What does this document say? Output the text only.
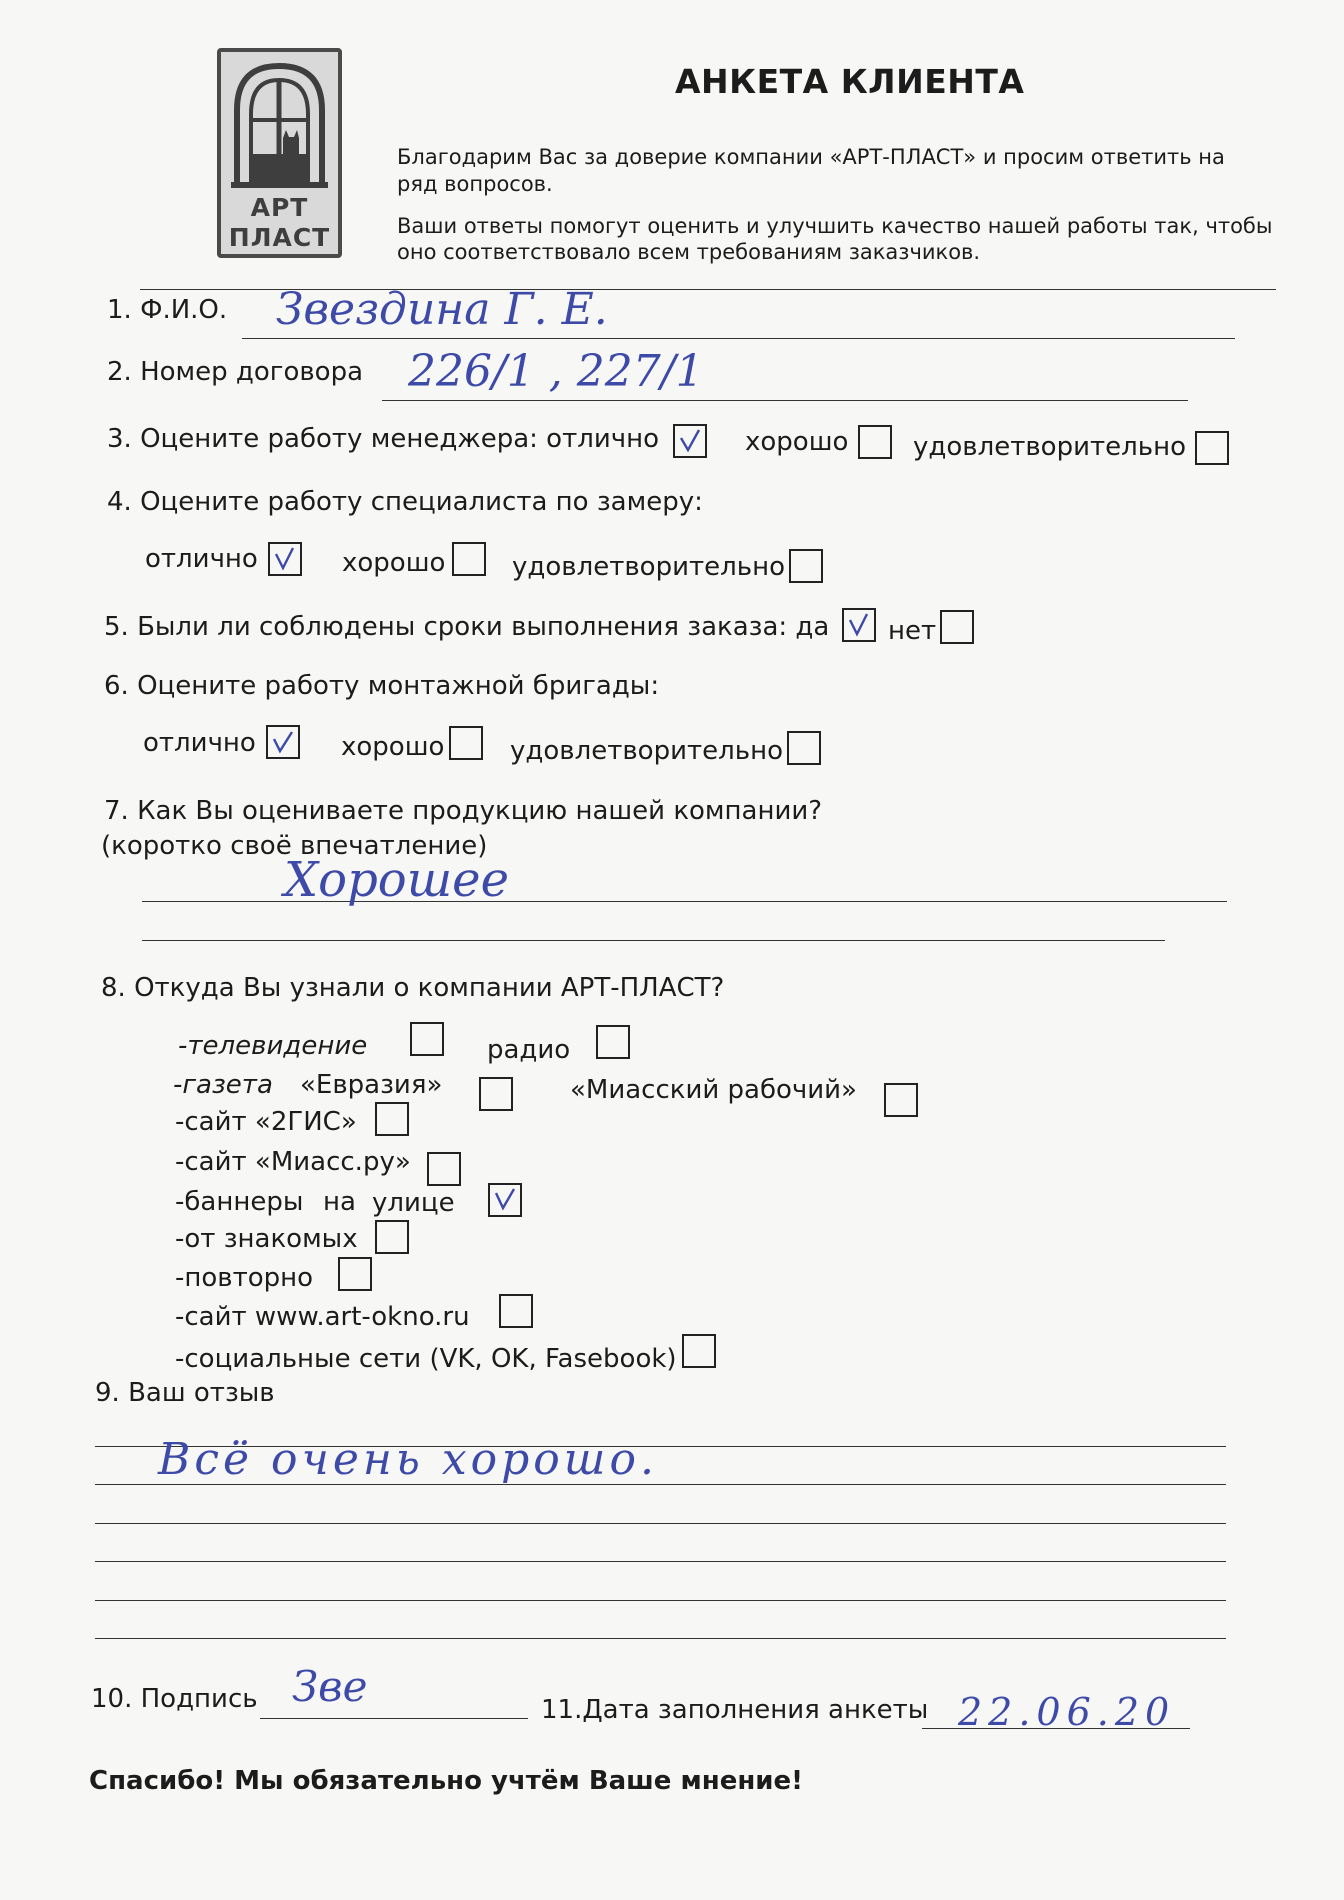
АРТ
ПЛАСТ
АНКЕТА КЛИЕНТА
Благодарим Вас за доверие компании «АРТ-ПЛАСТ» и просим ответить на
ряд вопросов.
Ваши ответы помогут оценить и улучшить качество нашей работы так, чтобы
оно соответствовало всем требованиям заказчиков.
1. Ф.И.О. Звездина Г. Е.
2. Номер договора 226/1 , 227/1
3. Оцените работу менеджера: отлично	хорошо удовлетворительно
4. Оцените работу специалиста по замеру:
отлично	хорошо	удовлетворительно
5. Были ли соблюдены сроки выполнения заказа: да нет
6. Оцените работу монтажной бригады:
отлично	хорошо	удовлетворительно
7. Как Вы оцениваете продукцию нашей компании?
(коротко своё впечатление)
Хорошее
8. Откуда Вы узнали о компании АРТ-ПЛАСТ?
-телевидение	радио
-газета «Евразия»	«Миасский рабочий»
-сайт «2ГИС»
-сайт «Миасс.ру»
-баннеры на улице
-от знакомых
-повторно
-сайт www.art-okno.ru
-социальные сети (VK, OK, Fasebook)
9. Ваш отзыв
Всё очень хорошо.
10. Подпись Зве	11.Дата заполнения анкеты 22.06.20
Спасибо! Мы обязательно учтём Ваше мнение!
